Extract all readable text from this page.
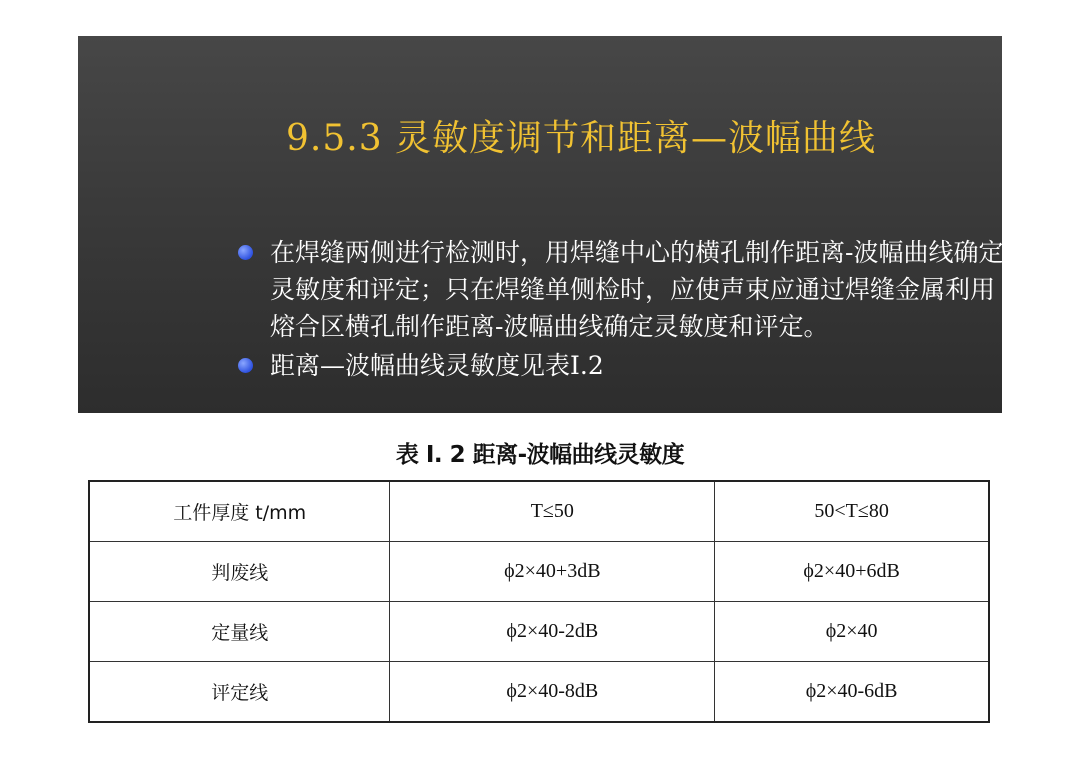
9.5.3 灵敏度调节和距离—波幅曲线
在焊缝两侧进行检测时，用焊缝中心的横孔制作距离-波幅曲线确定灵敏度和评定；只在焊缝单侧检时，应使声束应通过焊缝金属利用熔合区横孔制作距离-波幅曲线确定灵敏度和评定。
距离—波幅曲线灵敏度见表I.2
表 I. 2 距离-波幅曲线灵敏度
工件厚度 t/mm	T≤50	50<T≤80
判废线	ϕ2×40+3dB	ϕ2×40+6dB
定量线	ϕ2×40-2dB	ϕ2×40
评定线	ϕ2×40-8dB	ϕ2×40-6dB
